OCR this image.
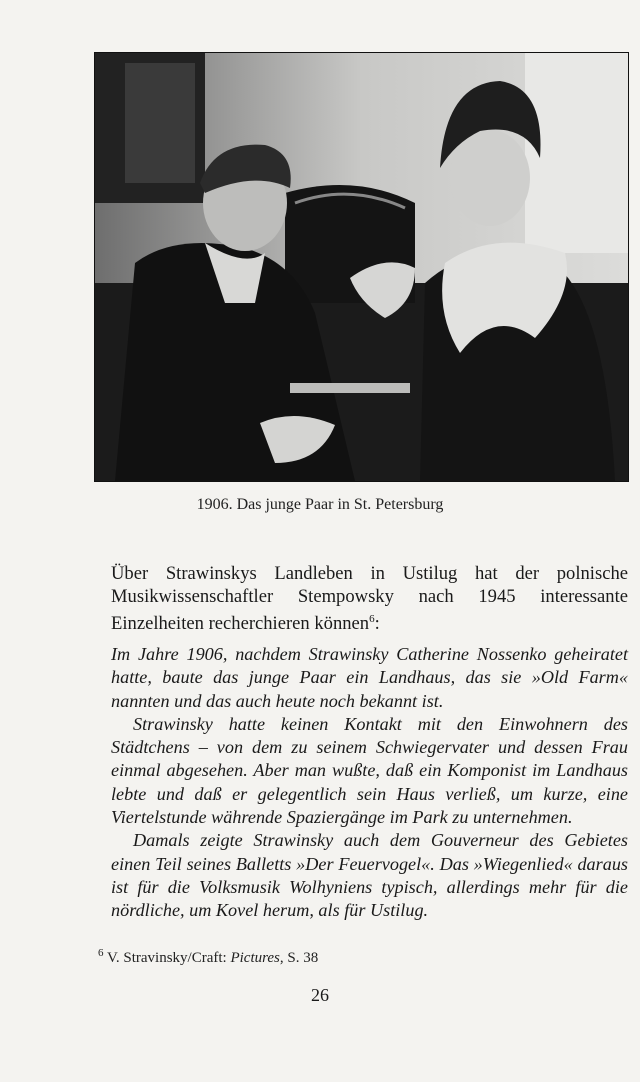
1906. Das junge Paar in St. Petersburg

Über Strawinskys Landleben in Ustilug hat der polnische Musikwissenschaftler Stempowsky nach 1945 interessante Einzelheiten recherchieren können$^6$:

Im Jahre 1906, nachdem Strawinsky Catherine Nossenko geheiratet hatte, baute das junge Paar ein Landhaus, das sie »Old Farm« nannten und das auch heute noch bekannt ist.

Strawinsky hatte keinen Kontakt mit den Einwohnern des Städtchens – von dem zu seinem Schwiegervater und dessen Frau einmal abgesehen. Aber man wußte, daß ein Komponist im Landhaus lebte und daß er gelegentlich sein Haus verließ, um kurze, eine Viertelstunde währende Spaziergänge im Park zu unternehmen.

Damals zeigte Strawinsky auch dem Gouverneur des Gebietes einen Teil seines Balletts »Der Feuervogel«. Das »Wiegenlied« daraus ist für die Volksmusik Wolhyniens typisch, allerdings mehr für die nördliche, um Kovel herum, als für Ustilug.

$^6$ V. Stravinsky/Craft: Pictures, S. 38
26
